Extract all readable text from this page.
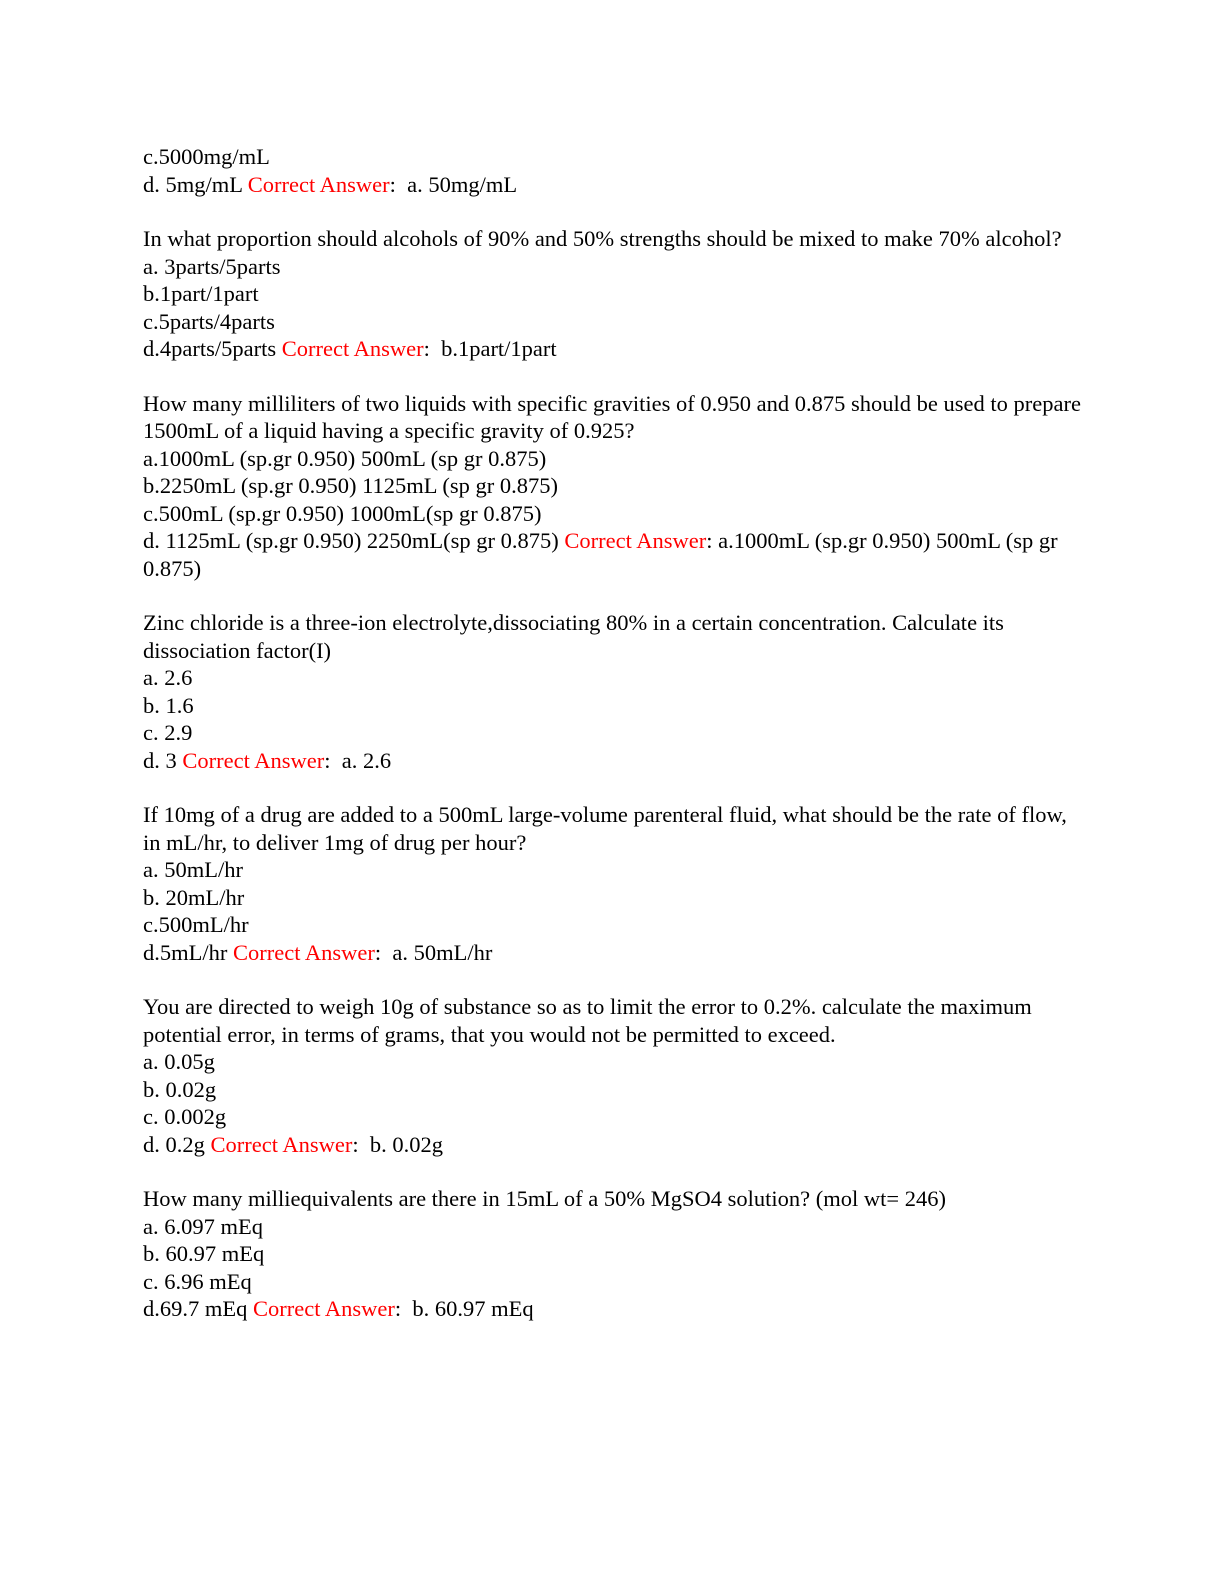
c.5000mg/mL
d. 5mg/mL Correct Answer:  a. 50mg/mL
In what proportion should alcohols of 90% and 50% strengths should be mixed to make 70% alcohol?
a. 3parts/5parts
b.1part/1part
c.5parts/4parts
d.4parts/5parts Correct Answer:  b.1part/1part
How many milliliters of two liquids with specific gravities of 0.950 and 0.875 should be used to prepare 1500mL of a liquid having a specific gravity of 0.925?
a.1000mL (sp.gr 0.950) 500mL (sp gr 0.875)
b.2250mL (sp.gr 0.950) 1125mL (sp gr 0.875)
c.500mL (sp.gr 0.950) 1000mL(sp gr 0.875)
d. 1125mL (sp.gr 0.950) 2250mL(sp gr 0.875) Correct Answer: a.1000mL (sp.gr 0.950) 500mL (sp gr 0.875)
Zinc chloride is a three-ion electrolyte,dissociating 80% in a certain concentration. Calculate its dissociation factor(I)
a. 2.6
b. 1.6
c. 2.9
d. 3 Correct Answer:  a. 2.6
If 10mg of a drug are added to a 500mL large-volume parenteral fluid, what should be the rate of flow, in mL/hr, to deliver 1mg of drug per hour?
a. 50mL/hr
b. 20mL/hr
c.500mL/hr
d.5mL/hr Correct Answer:  a. 50mL/hr
You are directed to weigh 10g of substance so as to limit the error to 0.2%. calculate the maximum potential error, in terms of grams, that you would not be permitted to exceed.
a. 0.05g
b. 0.02g
c. 0.002g
d. 0.2g Correct Answer:  b. 0.02g
How many milliequivalents are there in 15mL of a 50% MgSO4 solution? (mol wt= 246)
a. 6.097 mEq
b. 60.97 mEq
c. 6.96 mEq
d.69.7 mEq Correct Answer:  b. 60.97 mEq
